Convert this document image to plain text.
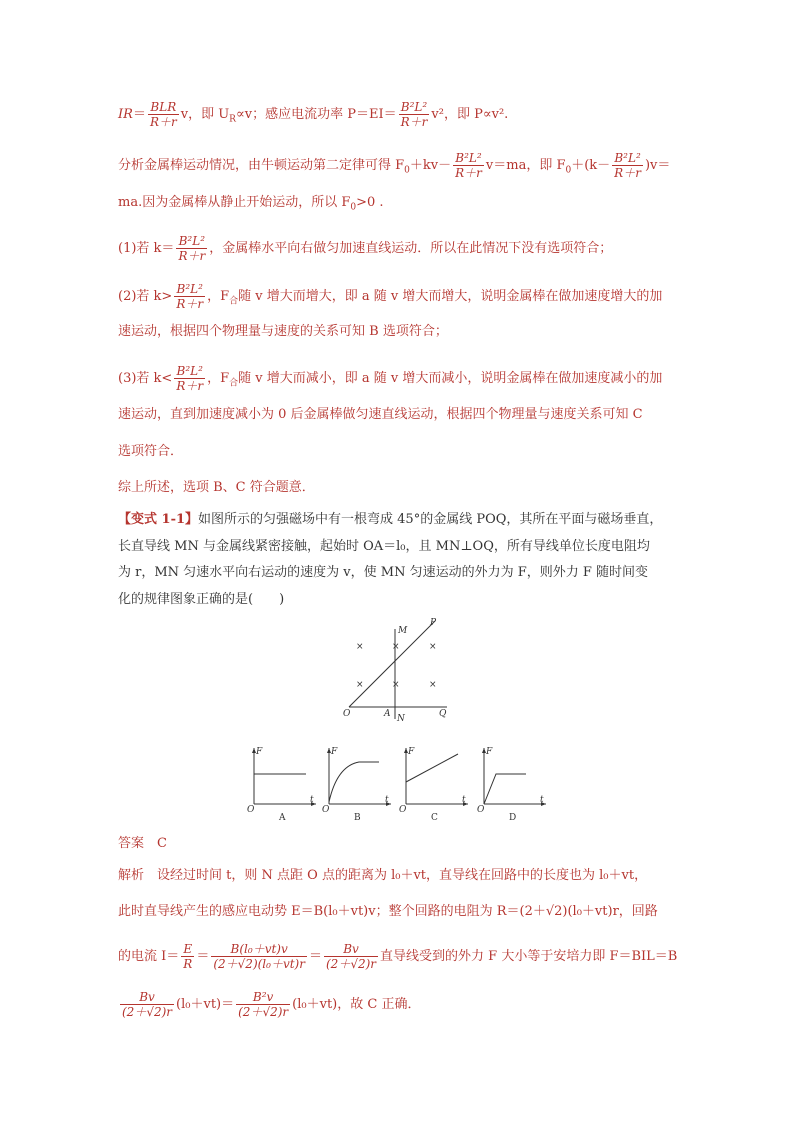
$IR= \frac{\text{BLR}}{R+r}$ v，即 $U_R\propto v$；感应电流功率 $P=EI= \frac{\text{B²L²}}{R+r} v^2$，即 P∝v².
分析金属棒运动情况，由牛顿运动第二定律可得 $F_0+kv- \frac{\text{B²L²}}{R+r} v=ma$，即 $F_0+(k- \frac{\text{B²L²}}{R+r} )v=$
ma.因为金属棒从静止开始运动，所以 $F_0>0$ .
(1)若 $k= \frac{\text{B²L²}}{R+r}$ ，金属棒水平向右做匀加速直线运动．所以在此情况下没有选项符合；
(2)若 $k> \frac{\text{B²L²}}{R+r}$ ，$F_合$随 v 增大而增大，即 a 随 v 增大而增大，说明金属棒在做加速度增大的加
速运动，根据四个物理量与速度的关系可知 B 选项符合；
(3)若 $k< \frac{\text{B²L²}}{R+r}$ ，$F_合$随 v 增大而减小，即 a 随 v 增大而减小，说明金属棒在做加速度减小的加
速运动，直到加速度减小为 0 后金属棒做匀速直线运动，根据四个物理量与速度关系可知 C
选项符合．
综上所述，选项 B、C 符合题意．
【变式 1-1】如图所示的匀强磁场中有一根弯成 45°的金属线 POQ，其所在平面与磁场垂直，
长直导线 MN 与金属线紧密接触，起始时 OA＝l₀，且 MN⊥OQ，所有导线单位长度电阻均
为 r，MN 匀速水平向右运动的速度为 v，使 MN 匀速运动的外力为 F，则外力 F 随时间变
化的规律图象正确的是(　　)
×
×
×
×
×
×
M
P
O	A N	Q
F
t
O
A
F
t
O
B
F
t
O
C
F
t
O
D
答案　 C
解析　 设经过时间 t，则 N 点距 O 点的距离为 l₀＋vt，直导线在回路中的长度也为 l₀＋vt，
此时直导线产生的感应电动势 E＝B(l₀＋vt)v；整个回路的电阻为 R＝(2＋√2)(l₀＋vt)r，回路
的电流 $I= \frac{E}{R} = \frac{\text{B(l₀＋vt)v}}{\text{(2＋√2)(l₀＋vt)r}} = \frac{Bv}{(2+√2)r}$ 直导线受到的外力 F 大小等于安培力即 F＝BIL＝B
$\frac{Bv}{(2+√2)r} (l_0+vt)= \frac{\text{B²v}}{(2+√2)r} (l_0+vt)$，故 C 正确．
